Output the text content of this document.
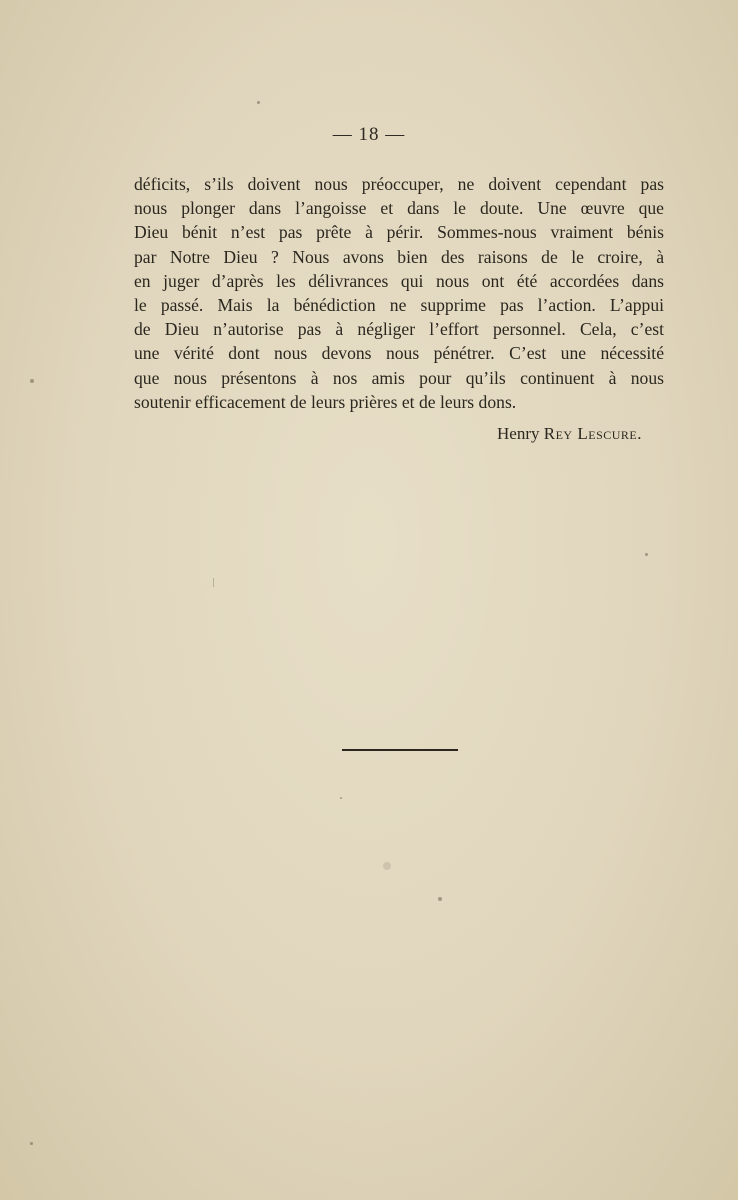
— 18 —
déficits, s’ils doivent nous préoccuper, ne doivent cependant pas
nous plonger dans l’angoisse et dans le doute. Une œuvre que
Dieu bénit n’est pas prête à périr. Sommes-nous vraiment bénis
par Notre Dieu ? Nous avons bien des raisons de le croire, à
en juger d’après les délivrances qui nous ont été accordées dans
le passé. Mais la bénédiction ne supprime pas l’action. L’appui
de Dieu n’autorise pas à négliger l’effort personnel. Cela, c’est
une vérité dont nous devons nous pénétrer. C’est une nécessité
que nous présentons à nos amis pour qu’ils continuent à nous
soutenir efficacement de leurs prières et de leurs dons.
Henry Rey Lescure.
